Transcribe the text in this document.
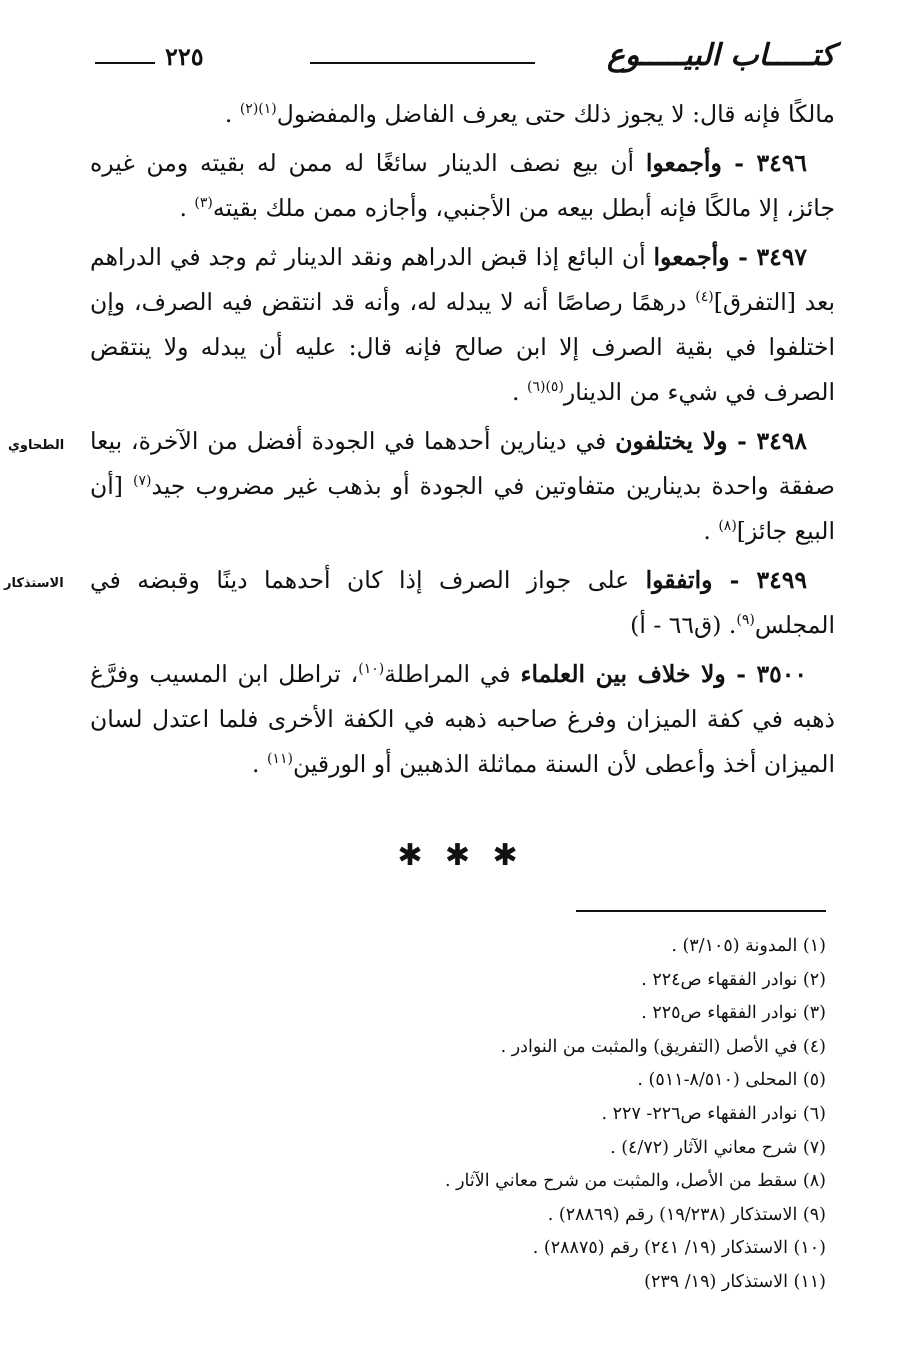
كتـــــاب البيـــــوع
٢٢٥

مالكًا فإنه قال: لا يجوز ذلك حتى يعرف الفاضل والمفضول$^{(١)(٢)}$ .

٣٤٩٦ - وأجمعوا أن بيع نصف الدينار سائغًا له ممن له بقيته ومن غيره جائز، إلا مالكًا فإنه أبطل بيعه من الأجنبي، وأجازه ممن ملك بقيته$^{(٣)}$ .

٣٤٩٧ - وأجمعوا أن البائع إذا قبض الدراهم ونقد الدينار ثم وجد في الدراهم بعد [التفرق]$^{(٤)}$ درهمًا رصاصًا أنه لا يبدله له، وأنه قد انتقض فيه الصرف، وإن اختلفوا في بقية الصرف إلا ابن صالح فإنه قال: عليه أن يبدله ولا ينتقض الصرف في شيء من الدينار$^{(٥)(٦)}$ .

٣٤٩٨ - ولا يختلفون في دينارين أحدهما في الجودة أفضل من الآخرة، بيعا صفقة واحدة بدينارين متفاوتين في الجودة أو بذهب غير مضروب جيد$^{(٧)}$ [أن البيع جائز]$^{(٨)}$ .

٣٤٩٩ - واتفقوا على جواز الصرف إذا كان أحدهما دينًا وقبضه في المجلس$^{(٩)}$. (ق٦٦ - أ)

٣٥٠٠ - ولا خلاف بين العلماء في المراطلة$^{(١٠)}$، تراطل ابن المسيب وفرَّغ ذهبه في كفة الميزان وفرغ صاحبه ذهبه في الكفة الأخرى فلما اعتدل لسان الميزان أخذ وأعطى لأن السنة مماثلة الذهبين أو الورقين$^{(١١)}$ .

الطحاوي
الاستذكار
✱ ✱ ✱
(١) المدونة (٣/١٠٥) .
(٢) نوادر الفقهاء ص٢٢٤ .
(٣) نوادر الفقهاء ص٢٢٥ .
(٤) في الأصل (التفريق) والمثبت من النوادر .
(٥) المحلى (٨/٥١٠-٥١١) .
(٦) نوادر الفقهاء ص٢٢٦- ٢٢٧ .
(٧) شرح معاني الآثار (٤/٧٢) .
(٨) سقط من الأصل، والمثبت من شرح معاني الآثار .
(٩) الاستذكار (١٩/٢٣٨) رقم (٢٨٨٦٩) .
(١٠) الاستذكار (١٩/ ٢٤١) رقم (٢٨٨٧٥) .
(١١) الاستذكار (١٩/ ٢٣٩)
